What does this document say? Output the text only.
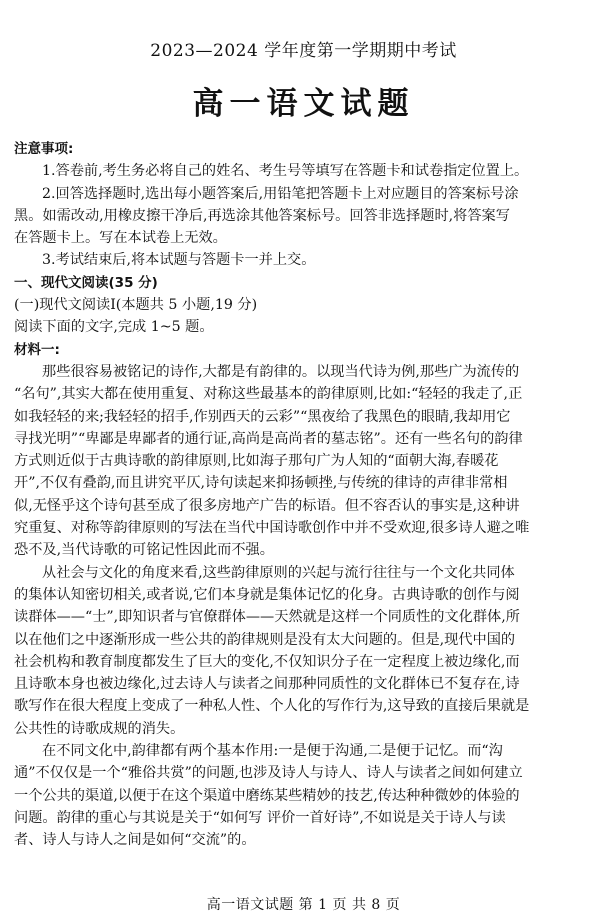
2023—2024 学年度第一学期期中考试
高一语文试题

注意事项:

1.答卷前,考生务必将自己的姓名、考生号等填写在答题卡和试卷指定位置上。

2.回答选择题时,选出每小题答案后,用铅笔把答题卡上对应题目的答案标号涂

黑。如需改动,用橡皮擦干净后,再选涂其他答案标号。回答非选择题时,将答案写

在答题卡上。写在本试卷上无效。

3.考试结束后,将本试题与答题卡一并上交。

一、现代文阅读(35 分)

(一)现代文阅读Ⅰ(本题共 5 小题,19 分)

阅读下面的文字,完成 1~5 题。

材料一:

那些很容易被铭记的诗作,大都是有韵律的。以现当代诗为例,那些广为流传的

“名句”,其实大都在使用重复、对称这些最基本的韵律原则,比如:“轻轻的我走了,正

如我轻轻的来;我轻轻的招手,作别西天的云彩”“黑夜给了我黑色的眼睛,我却用它

寻找光明”“卑鄙是卑鄙者的通行证,高尚是高尚者的墓志铭”。还有一些名句的韵律

方式则近似于古典诗歌的韵律原则,比如海子那句广为人知的“面朝大海,春暖花

开”,不仅有叠韵,而且讲究平仄,诗句读起来抑扬顿挫,与传统的律诗的声律非常相

似,无怪乎这个诗句甚至成了很多房地产广告的标语。但不容否认的事实是,这种讲

究重复、对称等韵律原则的写法在当代中国诗歌创作中并不受欢迎,很多诗人避之唯

恐不及,当代诗歌的可铭记性因此而不强。

从社会与文化的角度来看,这些韵律原则的兴起与流行往往与一个文化共同体

的集体认知密切相关,或者说,它们本身就是集体记忆的化身。古典诗歌的创作与阅

读群体——“士”,即知识者与官僚群体——天然就是这样一个同质性的文化群体,所

以在他们之中逐渐形成一些公共的韵律规则是没有太大问题的。但是,现代中国的

社会机构和教育制度都发生了巨大的变化,不仅知识分子在一定程度上被边缘化,而

且诗歌本身也被边缘化,过去诗人与读者之间那种同质性的文化群体已不复存在,诗

歌写作在很大程度上变成了一种私人性、个人化的写作行为,这导致的直接后果就是

公共性的诗歌成规的消失。

在不同文化中,韵律都有两个基本作用:一是便于沟通,二是便于记忆。而“沟

通”不仅仅是一个“雅俗共赏”的问题,也涉及诗人与诗人、诗人与读者之间如何建立

一个公共的渠道,以便于在这个渠道中磨练某些精妙的技艺,传达种种微妙的体验的

问题。韵律的重心与其说是关于“如何写 评价一首好诗”,不如说是关于诗人与读

者、诗人与诗人之间是如何“交流”的。

高一语文试题 第 1 页 共 8 页
